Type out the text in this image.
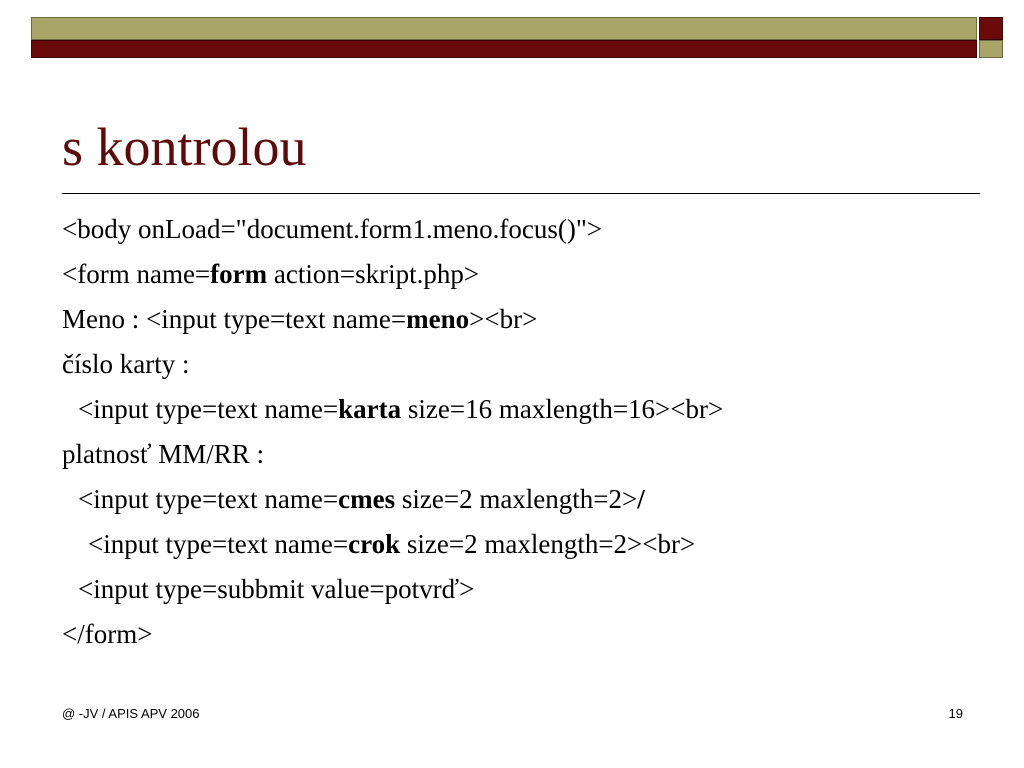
s kontrolou
<body onLoad="document.form1.meno.focus()">
<form name=form action=skript.php>
Meno : <input type=text name=meno><br>
číslo karty :
<input type=text name=karta size=16 maxlength=16><br>
platnosť MM/RR :
<input type=text name=cmes size=2 maxlength=2>/
<input type=text name=crok size=2 maxlength=2><br>
<input type=subbmit value=potvrď>
</form>
@ -JV / APIS APV 2006	19
